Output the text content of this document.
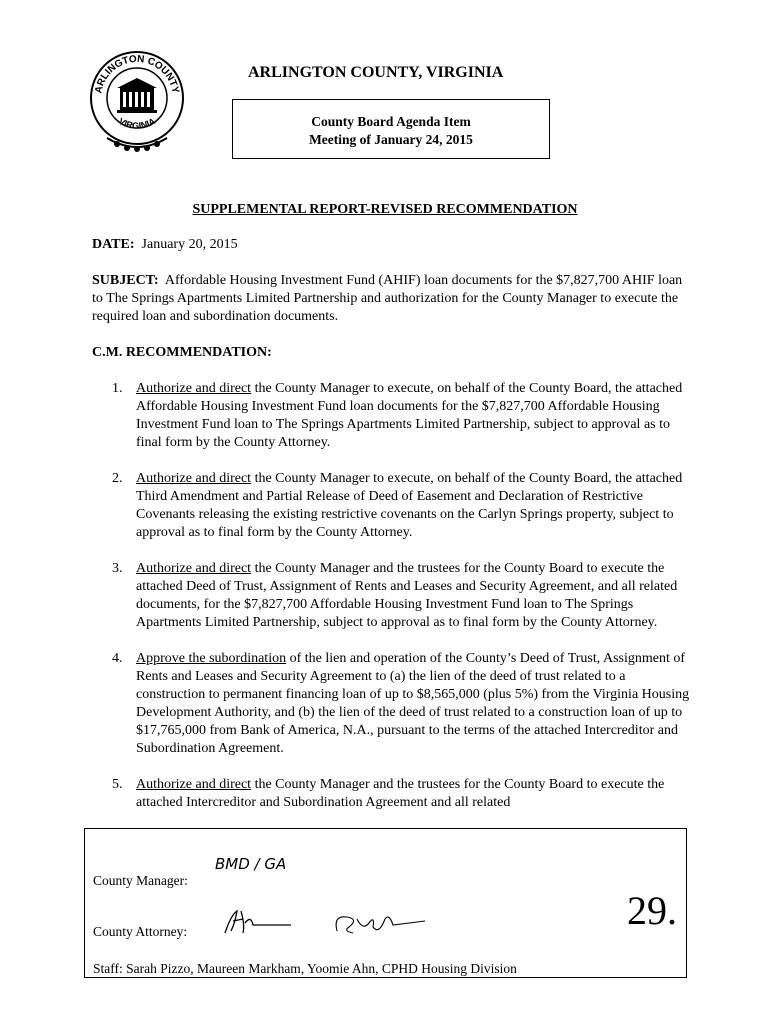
ARLINGTON COUNTY
VIRGINIA
ARLINGTON COUNTY, VIRGINIA
County Board Agenda Item
Meeting of January 24, 2015
SUPPLEMENTAL REPORT-REVISED RECOMMENDATION
DATE: January 20, 2015
SUBJECT: Affordable Housing Investment Fund (AHIF) loan documents for the $7,827,700 AHIF loan to The Springs Apartments Limited Partnership and authorization for the County Manager to execute the required loan and subordination documents.
C.M. RECOMMENDATION:
1. Authorize and direct the County Manager to execute, on behalf of the County Board, the attached Affordable Housing Investment Fund loan documents for the $7,827,700 Affordable Housing Investment Fund loan to The Springs Apartments Limited Partnership, subject to approval as to final form by the County Attorney.
2. Authorize and direct the County Manager to execute, on behalf of the County Board, the attached Third Amendment and Partial Release of Deed of Easement and Declaration of Restrictive Covenants releasing the existing restrictive covenants on the Carlyn Springs property, subject to approval as to final form by the County Attorney.
3. Authorize and direct the County Manager and the trustees for the County Board to execute the attached Deed of Trust, Assignment of Rents and Leases and Security Agreement, and all related documents, for the $7,827,700 Affordable Housing Investment Fund loan to The Springs Apartments Limited Partnership, subject to approval as to final form by the County Attorney.
4. Approve the subordination of the lien and operation of the County’s Deed of Trust, Assignment of Rents and Leases and Security Agreement to (a) the lien of the deed of trust related to a construction to permanent financing loan of up to $8,565,000 (plus 5%) from the Virginia Housing Development Authority, and (b) the lien of the deed of trust related to a construction loan of up to $17,765,000 from Bank of America, N.A., pursuant to the terms of the attached Intercreditor and Subordination Agreement.
5. Authorize and direct the County Manager and the trustees for the County Board to execute the attached Intercreditor and Subordination Agreement and all related
County Manager:
BMD / GA
County Attorney:	29.
Staff: Sarah Pizzo, Maureen Markham, Yoomie Ahn, CPHD Housing Division
